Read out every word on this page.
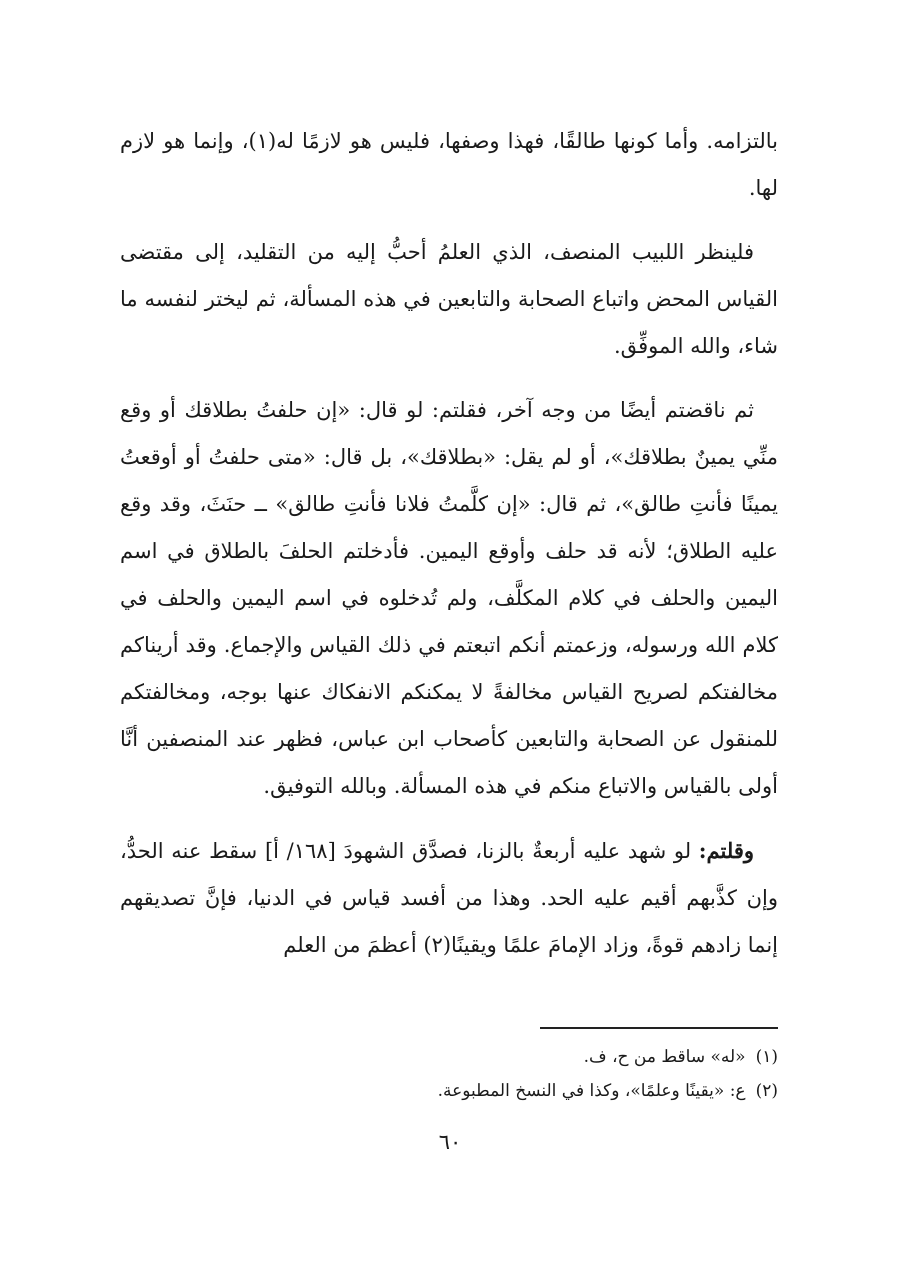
بالتزامه. وأما كونها طالقًا، فهذا وصفها، فليس هو لازمًا له(١)، وإنما هو لازم لها.

فلينظر اللبيب المنصف، الذي العلمُ أحبُّ إليه من التقليد، إلى مقتضى القياس المحض واتباع الصحابة والتابعين في هذه المسألة، ثم ليختر لنفسه ما شاء، والله الموفِّق.

ثم ناقضتم أيضًا من وجه آخر، فقلتم: لو قال: «إن حلفتُ بطلاقك أو وقع منِّي يمينٌ بطلاقك»، أو لم يقل: «بطلاقك»، بل قال: «متى حلفتُ أو أوقعتُ يمينًا فأنتِ طالق»، ثم قال: «إن كلَّمتُ فلانا فأنتِ طالق» ــ حنَثَ، وقد وقع عليه الطلاق؛ لأنه قد حلف وأوقع اليمين. فأدخلتم الحلفَ بالطلاق في اسم اليمين والحلف في كلام المكلَّف، ولم تُدخلوه في اسم اليمين والحلف في كلام الله ورسوله، وزعمتم أنكم اتبعتم في ذلك القياس والإجماع. وقد أريناكم مخالفتكم لصريح القياس مخالفةً لا يمكنكم الانفكاك عنها بوجه، ومخالفتكم للمنقول عن الصحابة والتابعين كأصحاب ابن عباس، فظهر عند المنصفين أنَّا أولى بالقياس والاتباع منكم في هذه المسألة. وبالله التوفيق.

وقلتم: لو شهد عليه أربعةٌ بالزنا، فصدَّق الشهودَ [١٦٨/ أ] سقط عنه الحدُّ، وإن كذَّبهم أقيم عليه الحد. وهذا من أفسد قياس في الدنيا، فإنَّ تصديقهم إنما زادهم قوةً، وزاد الإمامَ علمًا ويقينًا(٢) أعظمَ من العلم

(١)«له» ساقط من ح، ف.

(٢)ع: «يقينًا وعلمًا»، وكذا في النسخ المطبوعة.

٦٠
